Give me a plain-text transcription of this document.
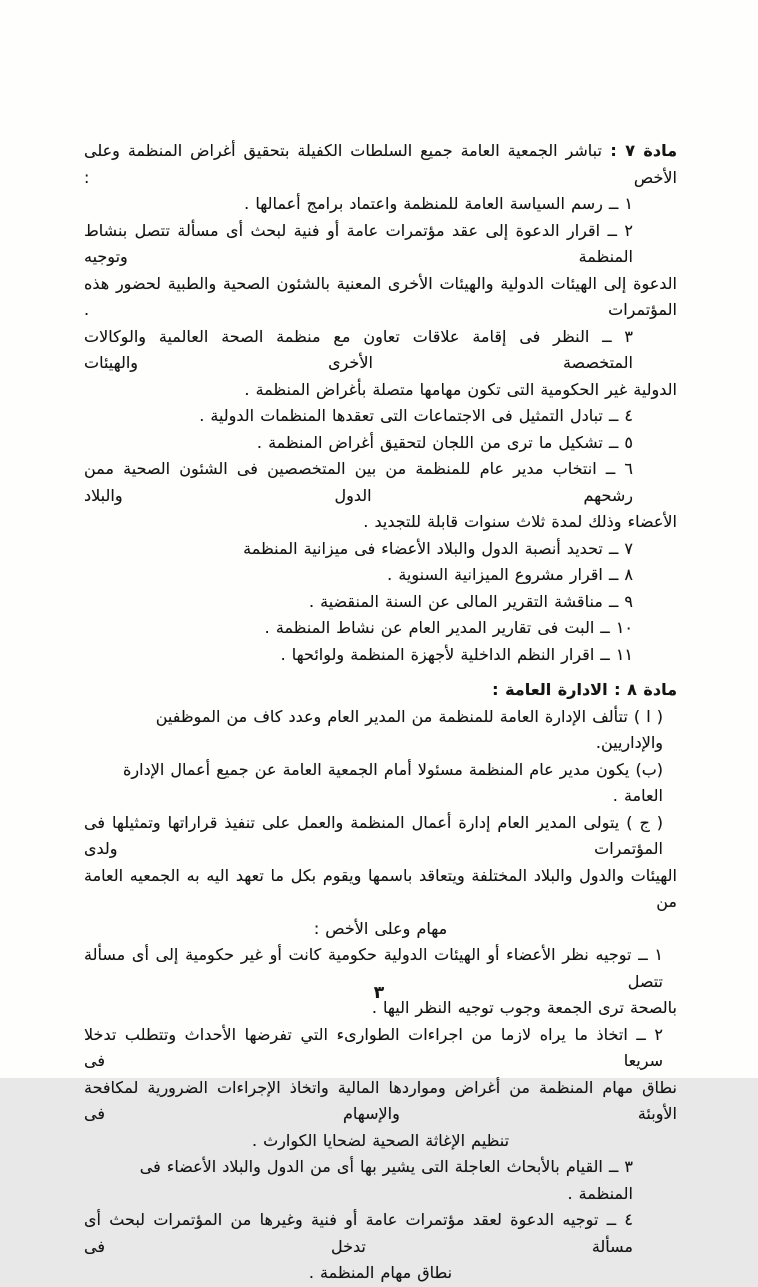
مادة ٧ : تباشر الجمعية العامة جميع السلطات الكفيلة بتحقيق أغراض المنظمة وعلى الأخص :
١ ــ رسم السياسة العامة للمنظمة واعتماد برامج أعمالها .
٢ ــ اقرار الدعوة إلى عقد مؤتمرات عامة أو فنية لبحث أى مسألة تتصل بنشاط المنظمة وتوجيه
الدعوة إلى الهيئات الدولية والهيئات الأخرى المعنية بالشئون الصحية والطبية لحضور هذه المؤتمرات .
٣ ــ النظر فى إقامة علاقات تعاون مع منظمة الصحة العالمية والوكالات المتخصصة الأخرى والهيئات
الدولية غير الحكومية التى تكون مهامها متصلة بأغراض المنظمة .
٤ ــ تبادل التمثيل فى الاجتماعات التى تعقدها المنظمات الدولية .
٥ ــ تشكيل ما ترى من اللجان لتحقيق أغراض المنظمة .
٦ ــ انتخاب مدير عام للمنظمة من بين المتخصصين فى الشئون الصحية ممن رشحهم الدول والبلاد
الأعضاء وذلك لمدة ثلاث سنوات قابلة للتجديد .
٧ ــ تحديد أنصبة الدول والبلاد الأعضاء فى ميزانية المنظمة
٨ ــ اقرار مشروع الميزانية السنوية .
٩ ــ مناقشة التقرير المالى عن السنة المنقضية .
١٠ ــ البت فى تقارير المدير العام عن نشاط المنظمة .
١١ ــ اقرار النظم الداخلية لأجهزة المنظمة ولوائحها .
مادة ٨ : الادارة العامة :
( ا ) تتألف الإدارة العامة للمنظمة من المدير العام وعدد كاف من الموظفين والإداريين.
(ب) يكون مدير عام المنظمة مسئولا أمام الجمعية العامة عن جميع أعمال الإدارة العامة .
( ج ) يتولى المدير العام إدارة أعمال المنظمة والعمل على تنفيذ قراراتها وتمثيلها فى المؤتمرات ولدى
الهيئات والدول والبلاد المختلفة ويتعاقد باسمها ويقوم بكل ما تعهد اليه به الجمعيه العامة من
مهام وعلى الأخص :
١ ــ توجيه نظر الأعضاء أو الهيئات الدولية حكومية كانت أو غير حكومية إلى أى مسألة تتصل
بالصحة ترى الجمعة وجوب توجيه النظر اليها .
٢ ــ اتخاذ ما يراه لازما من اجراءات الطوارىء التي تفرضها الأحداث وتتطلب تدخلا سريعا فى
نطاق مهام المنظمة من أغراض ومواردها المالية واتخاذ الإجراءات الضرورية لمكافحة الأوبئة والإسهام فى
تنظيم الإغاثة الصحية لضحايا الكوارث .
٣ ــ القيام بالأبحاث العاجلة التى يشير بها أى من الدول والبلاد الأعضاء فى المنظمة .
٤ ــ توجيه الدعوة لعقد مؤتمرات عامة أو فنية وغيرها من المؤتمرات لبحث أى مسألة تدخل فى
نطاق مهام المنظمة .
٣
